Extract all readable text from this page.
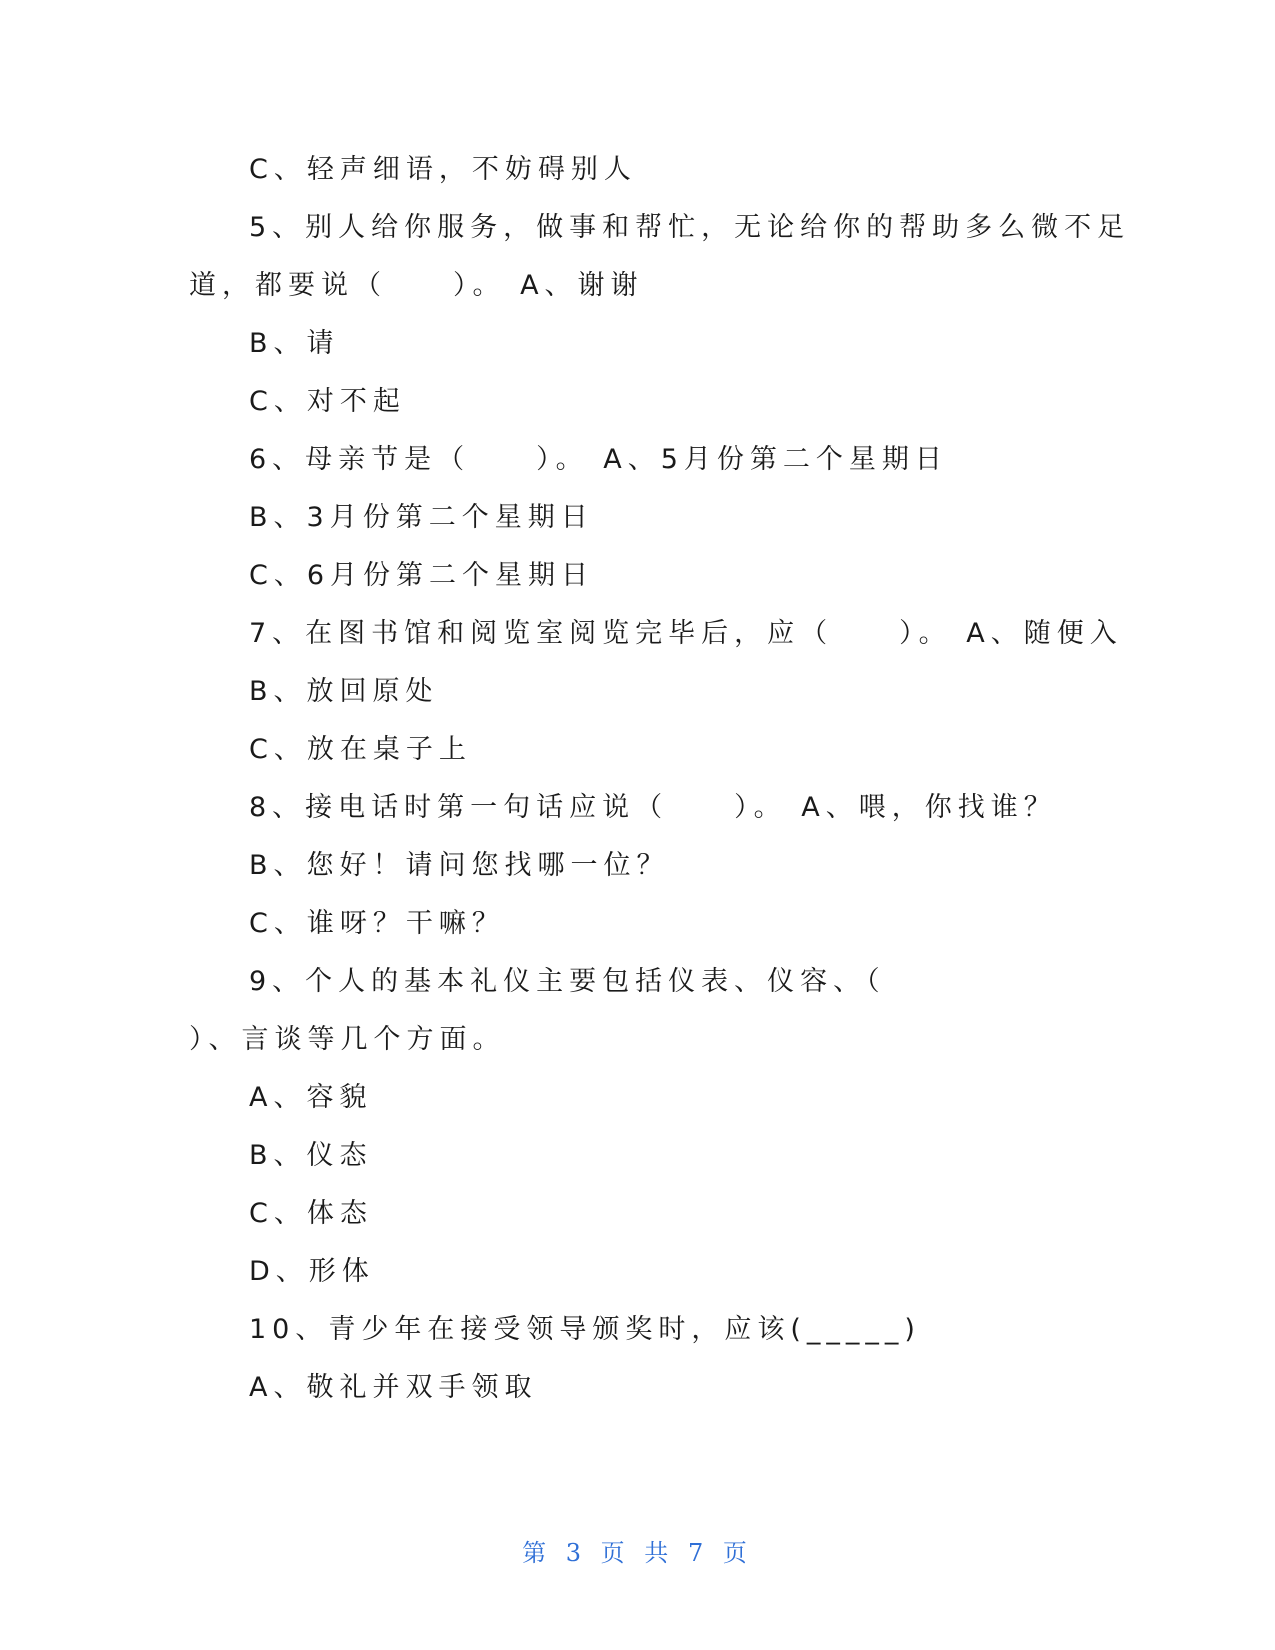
C、轻声细语，不妨碍别人
5、别人给你服务，做事和帮忙，无论给你的帮助多么微不足
道，都要说（　　）。 A、谢谢
B、请
C、对不起
6、母亲节是（　　）。 A、5月份第二个星期日
B、3月份第二个星期日
C、6月份第二个星期日
7、在图书馆和阅览室阅览完毕后，应（　　）。 A、随便入
B、放回原处
C、放在桌子上
8、接电话时第一句话应说（　　）。 A、喂，你找谁？
B、您好！请问您找哪一位？
C、谁呀？干嘛？
9、个人的基本礼仪主要包括仪表、仪容、（
）、言谈等几个方面。
A、容貌
B、仪态
C、体态
D、形体
10、青少年在接受领导颁奖时，应该(_____)
A、敬礼并双手领取
第 3 页 共 7 页
